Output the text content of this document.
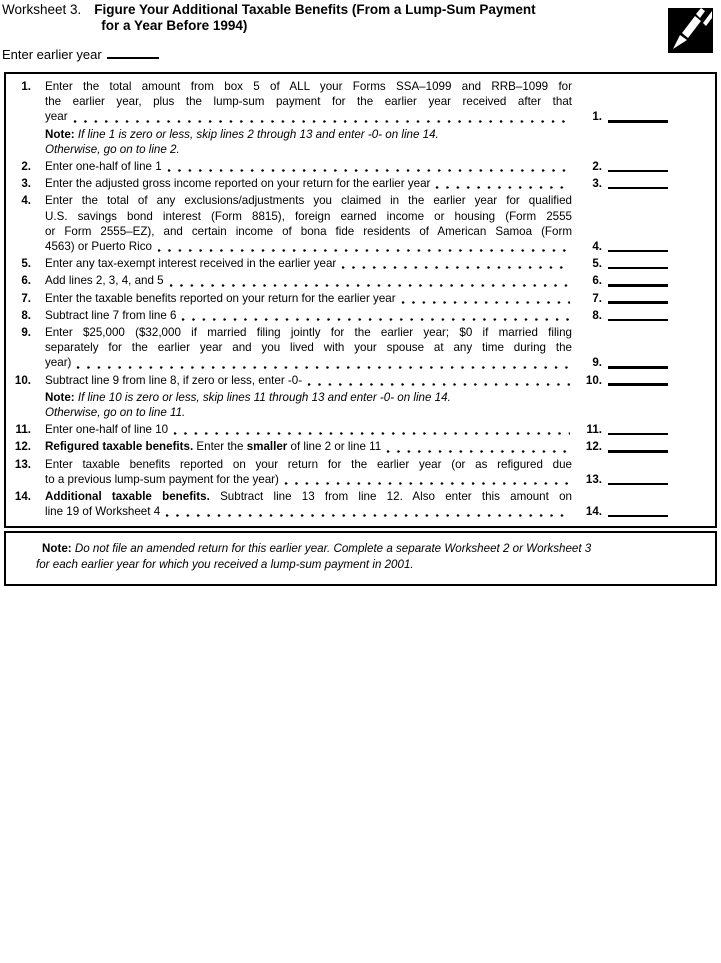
Worksheet 3. Figure Your Additional Taxable Benefits (From a Lump-Sum Payment
for a Year Before 1994)
Enter earlier year
1. Enter the total amount from box 5 of ALL your Forms SSA–1099 and RRB–1099 for
the earlier year, plus the lump-sum payment for the earlier year received after that
year	1.
Note: If line 1 is zero or less, skip lines 2 through 13 and enter -0- on line 14.
Otherwise, go on to line 2.
2. Enter one-half of line 1	2.
3. Enter the adjusted gross income reported on your return for the earlier year	3.
4. Enter the total of any exclusions/adjustments you claimed in the earlier year for qualified
U.S. savings bond interest (Form 8815), foreign earned income or housing (Form 2555
or Form 2555–EZ), and certain income of bona fide residents of American Samoa (Form
4563) or Puerto Rico	4.
5. Enter any tax-exempt interest received in the earlier year	5.
6. Add lines 2, 3, 4, and 5	6.
7. Enter the taxable benefits reported on your return for the earlier year	7.
8. Subtract line 7 from line 6	8.
9. Enter $25,000 ($32,000 if married filing jointly for the earlier year; $0 if married filing
separately for the earlier year and you lived with your spouse at any time during the
year)	9.
10. Subtract line 9 from line 8, if zero or less, enter -0-	10.
Note: If line 10 is zero or less, skip lines 11 through 13 and enter -0- on line 14.
Otherwise, go on to line 11.
11. Enter one-half of line 10	11.
12. Refigured taxable benefits. Enter the smaller of line 2 or line 11	12.
13. Enter taxable benefits reported on your return for the earlier year (or as refigured due
to a previous lump-sum payment for the year)	13.
14. Additional taxable benefits. Subtract line 13 from line 12. Also enter this amount on
line 19 of Worksheet 4	14.
Note: Do not file an amended return for this earlier year. Complete a separate Worksheet 2 or Worksheet 3
for each earlier year for which you received a lump-sum payment in 2001.
